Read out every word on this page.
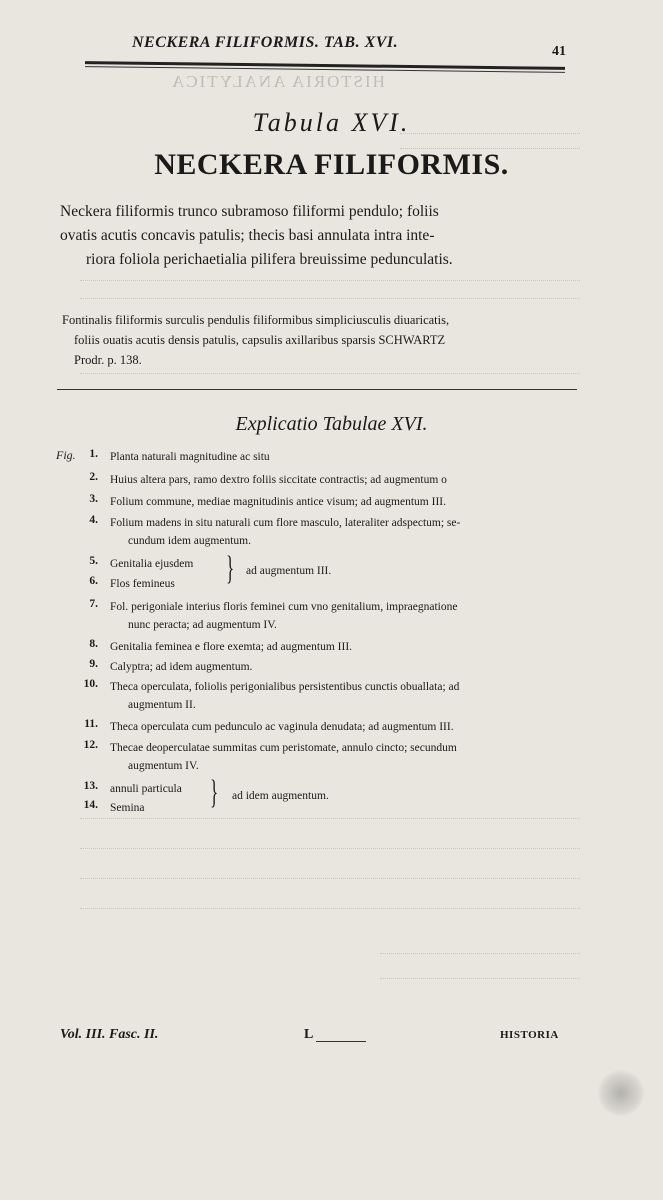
HISTORIA ANALYTICA
NECKERA FILIFORMIS. TAB. XVI.
41
Tabula XVI.
NECKERA FILIFORMIS.
Neckera filiformis trunco subramoso filiformi pendulo; foliis
ovatis acutis concavis patulis; thecis basi annulata intra inte-
riora foliola perichaetialia pilifera breuissime pedunculatis.
Fontinalis filiformis surculis pendulis filiformibus simpliciusculis diuaricatis,
foliis ouatis acutis densis patulis, capsulis axillaribus sparsis SCHWARTZ
Prodr. p. 138.
Explicatio Tabulae XVI.
Fig.	1. Planta naturali magnitudine ac situ
2. Huius altera pars, ramo dextro foliis siccitate contractis; ad augmentum o
3. Folium commune, mediae magnitudinis antice visum; ad augmentum III.
4. Folium madens in situ naturali cum flore masculo, lateraliter adspectum; se-
cundum idem augmentum.
5. Genitalia ejusdem
6. Flos femineus	} ad augmentum III.
7. Fol. perigoniale interius floris feminei cum vno genitalium, impraegnatione
nunc peracta; ad augmentum IV.
8. Genitalia feminea e flore exemta; ad augmentum III.
9. Calyptra; ad idem augmentum.
10. Theca operculata, foliolis perigonialibus persistentibus cunctis obuallata; ad
augmentum II.
11. Theca operculata cum pedunculo ac vaginula denudata; ad augmentum III.
12. Thecae deoperculatae summitas cum peristomate, annulo cincto; secundum
augmentum IV.
13. annuli particula
14. Semina	} ad idem augmentum.
Vol. III. Fasc. II.	L	HISTORIA
